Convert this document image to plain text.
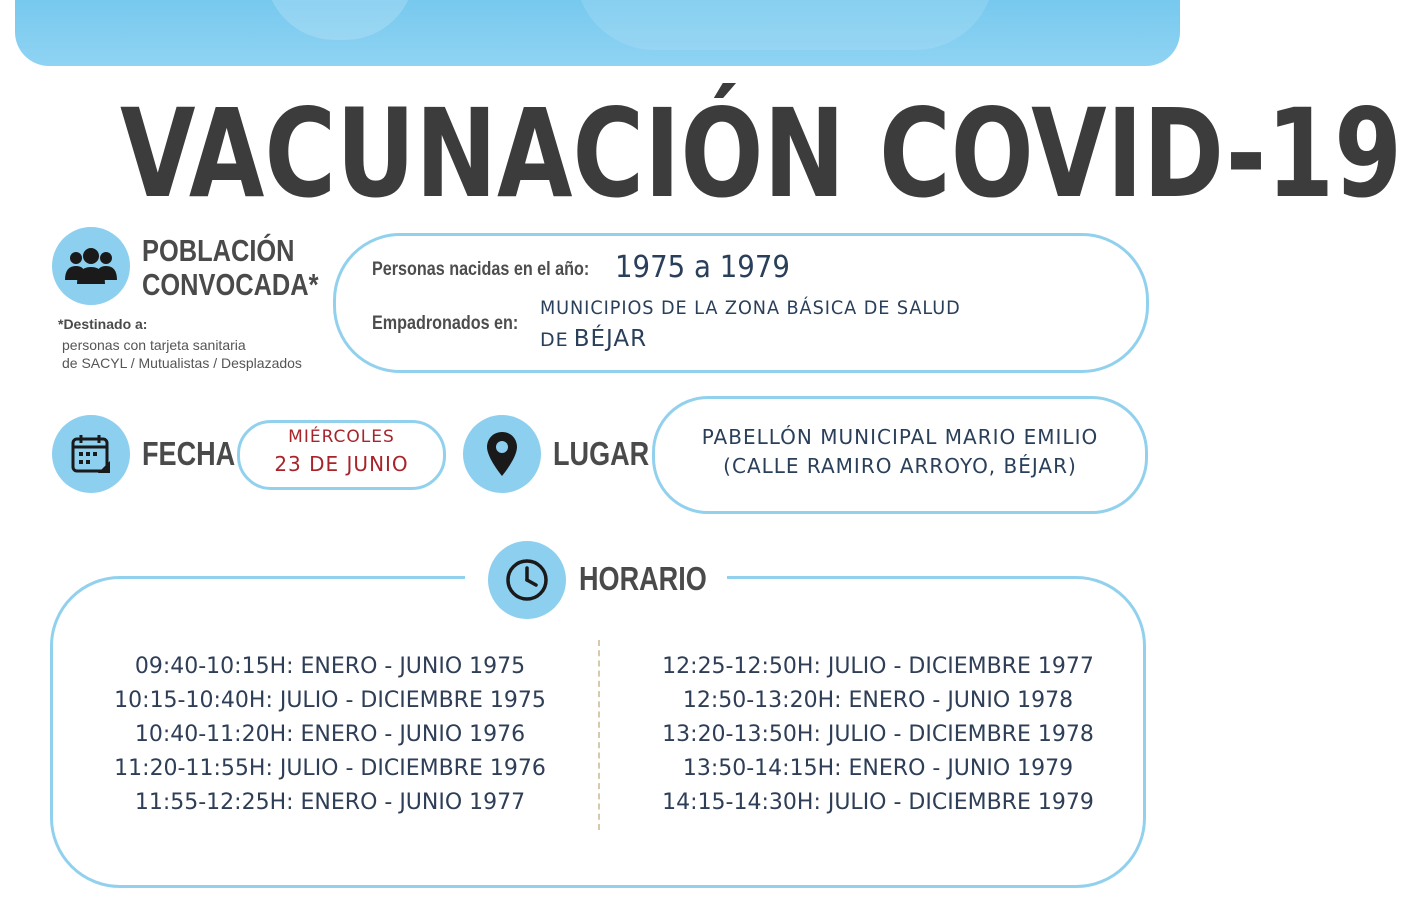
VACUNACIÓN COVID-19
POBLACIÓN
CONVOCADA*
*Destinado a:
personas con tarjeta sanitaria
de SACYL / Mutualistas / Desplazados
Personas nacidas en el año: 1975 a 1979
Empadronados en:
MUNICIPIOS DE LA ZONA BÁSICA DE SALUD
DE BÉJAR
FECHA	MIÉRCOLES
23 DE JUNIO	LUGAR	PABELLÓN MUNICIPAL MARIO EMILIO
(CALLE RAMIRO ARROYO, BÉJAR)
HORARIO
09:40-10:15H: ENERO - JUNIO 1975
10:15-10:40H: JULIO - DICIEMBRE 1975
10:40-11:20H: ENERO - JUNIO 1976
11:20-11:55H: JULIO - DICIEMBRE 1976
11:55-12:25H: ENERO - JUNIO 1977
12:25-12:50H: JULIO - DICIEMBRE 1977
12:50-13:20H: ENERO - JUNIO 1978
13:20-13:50H: JULIO - DICIEMBRE 1978
13:50-14:15H: ENERO - JUNIO 1979
14:15-14:30H: JULIO - DICIEMBRE 1979
